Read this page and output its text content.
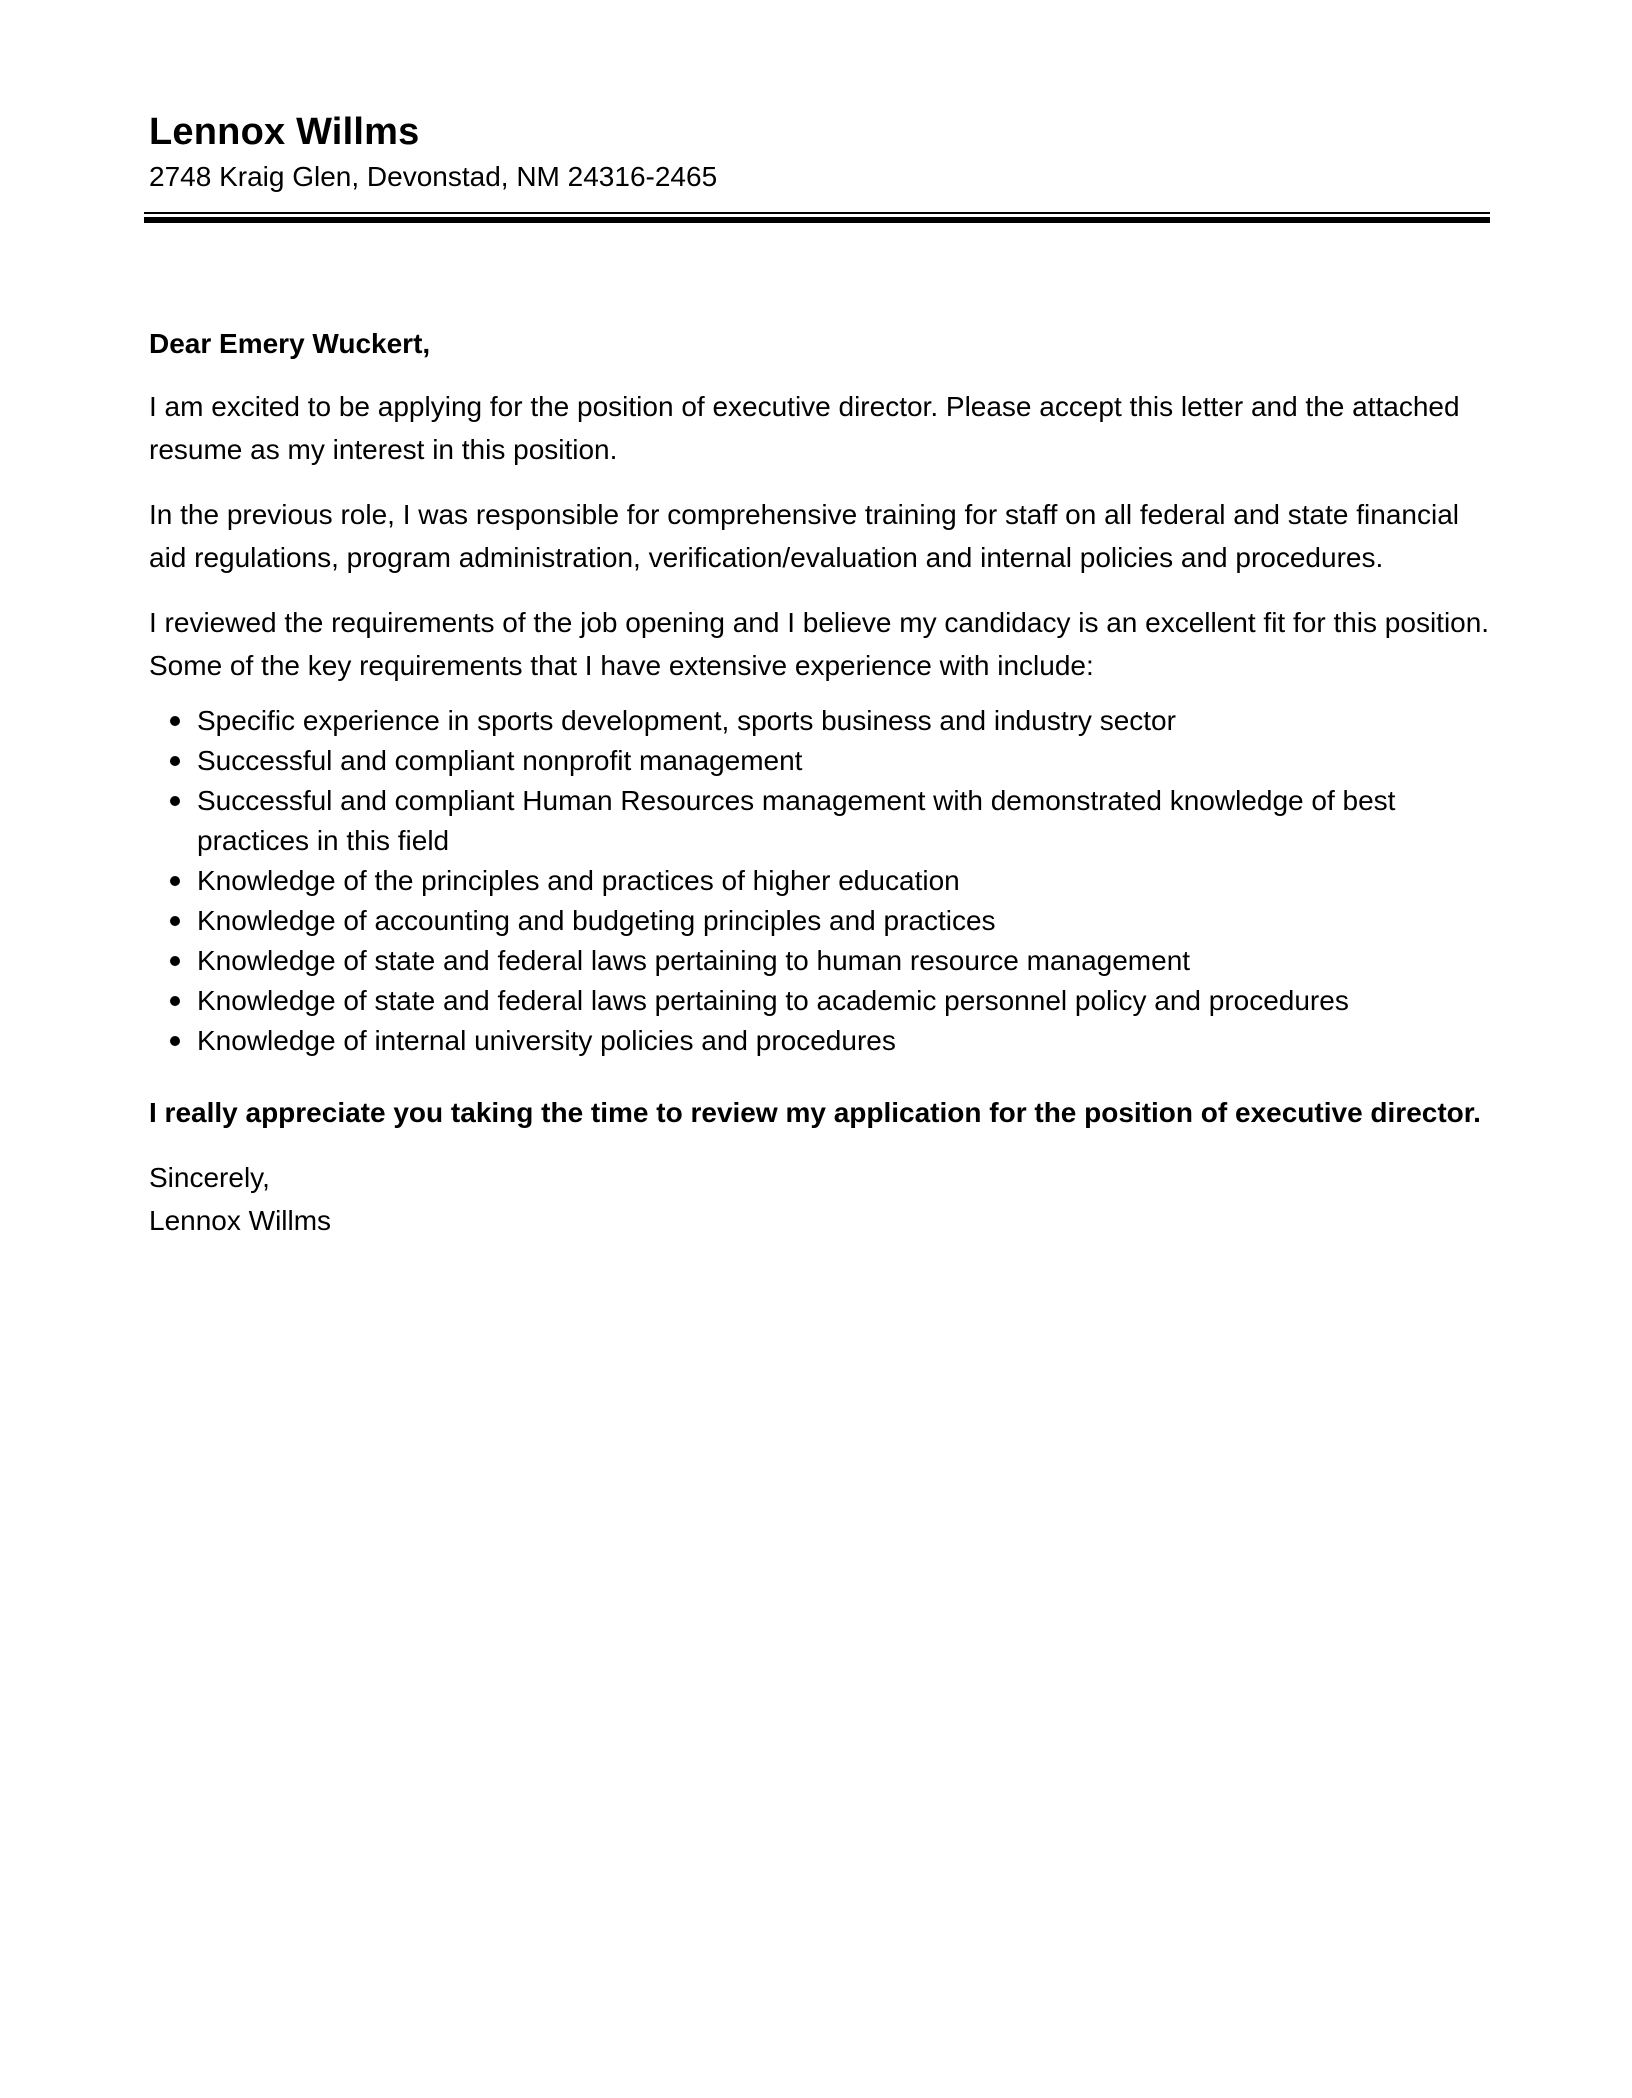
Lennox Willms
2748 Kraig Glen, Devonstad, NM 24316-2465

Dear Emery Wuckert,

I am excited to be applying for the position of executive director. Please accept this letter and the attached resume as my interest in this position.

In the previous role, I was responsible for comprehensive training for staff on all federal and state financial aid regulations, program administration, verification/evaluation and internal policies and procedures.

I reviewed the requirements of the job opening and I believe my candidacy is an excellent fit for this position. Some of the key requirements that I have extensive experience with include:

Specific experience in sports development, sports business and industry sector
Successful and compliant nonprofit management
Successful and compliant Human Resources management with demonstrated knowledge of best practices in this field
Knowledge of the principles and practices of higher education
Knowledge of accounting and budgeting principles and practices
Knowledge of state and federal laws pertaining to human resource management
Knowledge of state and federal laws pertaining to academic personnel policy and procedures
Knowledge of internal university policies and procedures

I really appreciate you taking the time to review my application for the position of executive director.

Sincerely,

Lennox Willms
